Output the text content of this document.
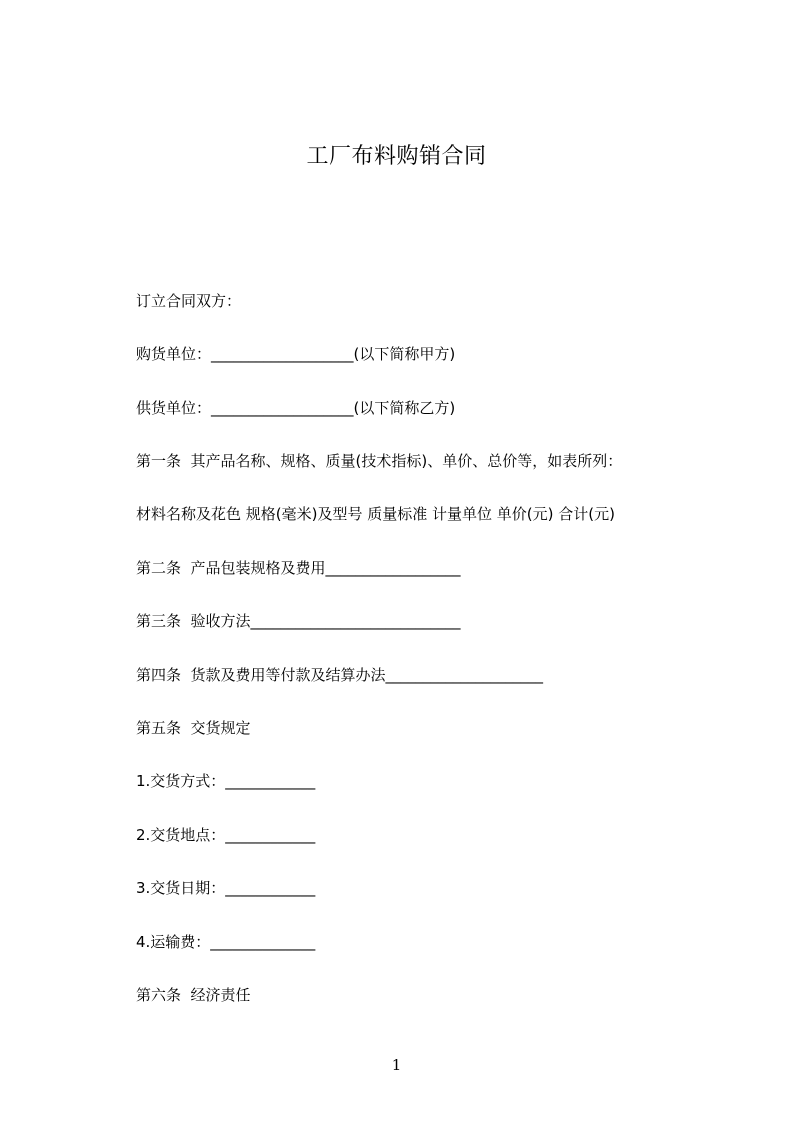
工厂布料购销合同
订立合同双方：
购货单位：___________________(以下简称甲方)
供货单位：___________________(以下简称乙方)
第一条  其产品名称、规格、质量(技术指标)、单价、总价等，如表所列：
材料名称及花色 规格(毫米)及型号 质量标准 计量单位 单价(元) 合计(元)
第二条  产品包装规格及费用__________________
第三条  验收方法____________________________
第四条  货款及费用等付款及结算办法_____________________
第五条  交货规定
1.交货方式：____________
2.交货地点：____________
3.交货日期：____________
4.运输费：______________
第六条  经济责任
1
